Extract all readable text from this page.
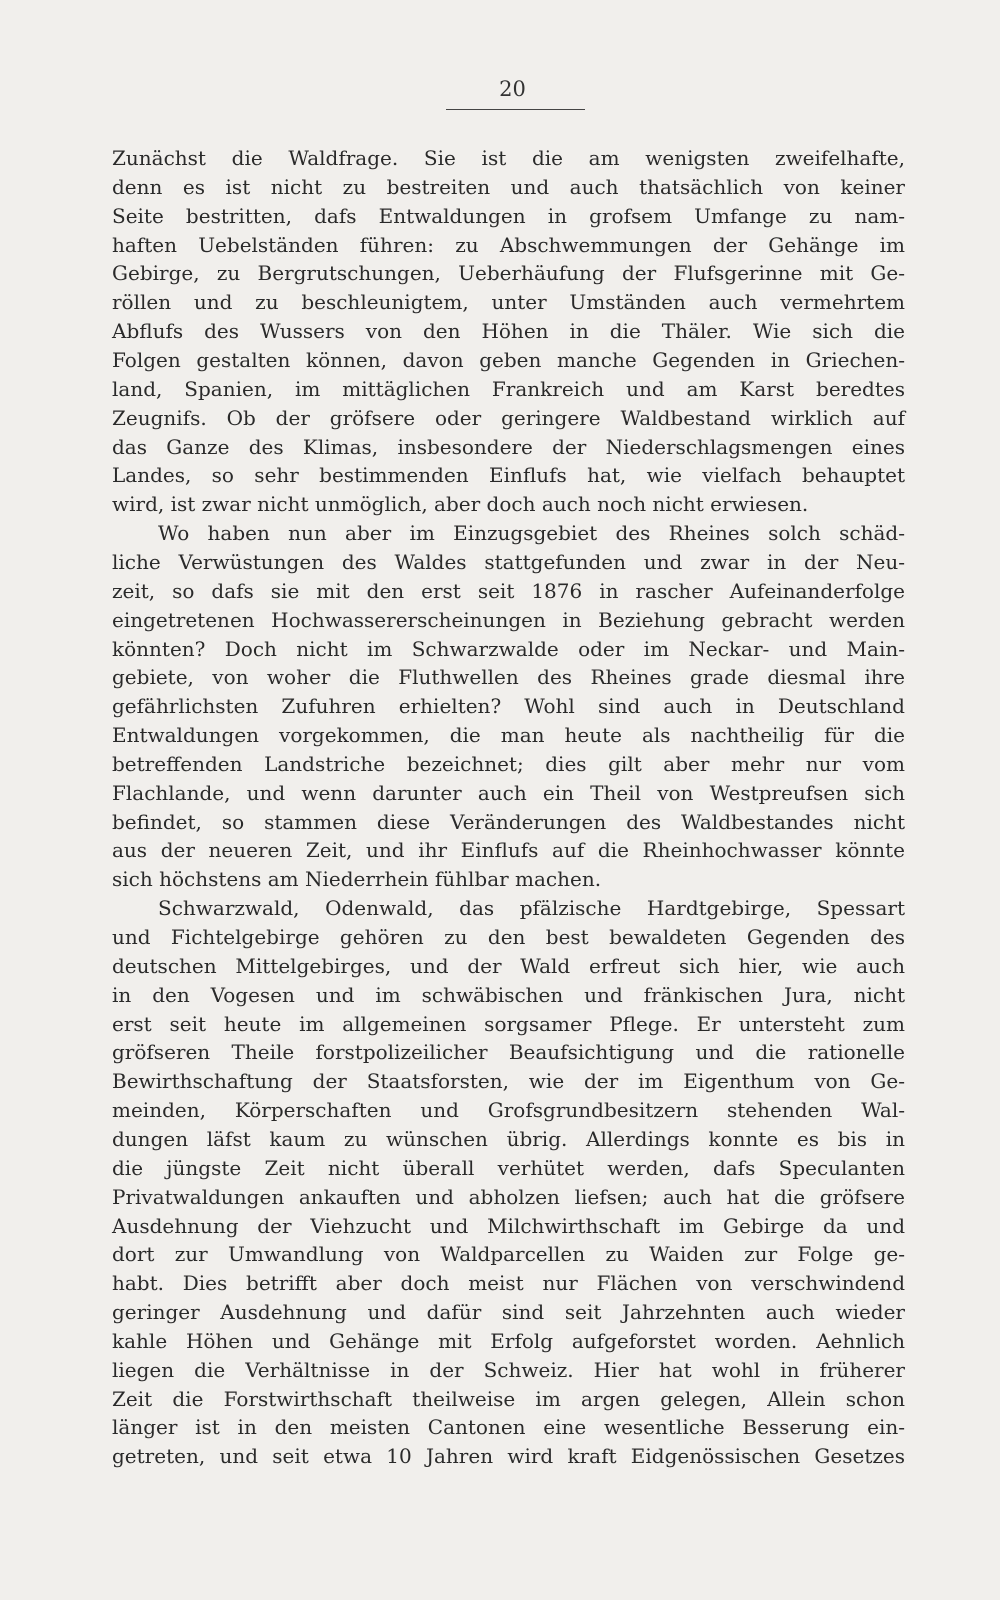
20
Zunächst die Waldfrage. Sie ist die am wenigsten zweifelhafte,
denn es ist nicht zu bestreiten und auch thatsächlich von keiner
Seite bestritten, dafs Entwaldungen in grofsem Umfange zu nam-
haften Uebelständen führen: zu Abschwemmungen der Gehänge im
Gebirge, zu Bergrutschungen, Ueberhäufung der Flufsgerinne mit Ge-
röllen und zu beschleunigtem, unter Umständen auch vermehrtem
Abflufs des Wussers von den Höhen in die Thäler. Wie sich die
Folgen gestalten können, davon geben manche Gegenden in Griechen-
land, Spanien, im mittäglichen Frankreich und am Karst beredtes
Zeugnifs. Ob der gröfsere oder geringere Waldbestand wirklich auf
das Ganze des Klimas, insbesondere der Niederschlagsmengen eines
Landes, so sehr bestimmenden Einflufs hat, wie vielfach behauptet
wird, ist zwar nicht unmöglich, aber doch auch noch nicht erwiesen.
Wo haben nun aber im Einzugsgebiet des Rheines solch schäd-
liche Verwüstungen des Waldes stattgefunden und zwar in der Neu-
zeit, so dafs sie mit den erst seit 1876 in rascher Aufeinanderfolge
eingetretenen Hochwassererscheinungen in Beziehung gebracht werden
könnten? Doch nicht im Schwarzwalde oder im Neckar- und Main-
gebiete, von woher die Fluthwellen des Rheines grade diesmal ihre
gefährlichsten Zufuhren erhielten? Wohl sind auch in Deutschland
Entwaldungen vorgekommen, die man heute als nachtheilig für die
betreffenden Landstriche bezeichnet; dies gilt aber mehr nur vom
Flachlande, und wenn darunter auch ein Theil von Westpreufsen sich
befindet, so stammen diese Veränderungen des Waldbestandes nicht
aus der neueren Zeit, und ihr Einflufs auf die Rheinhochwasser könnte
sich höchstens am Niederrhein fühlbar machen.
Schwarzwald, Odenwald, das pfälzische Hardtgebirge, Spessart
und Fichtelgebirge gehören zu den best bewaldeten Gegenden des
deutschen Mittelgebirges, und der Wald erfreut sich hier, wie auch
in den Vogesen und im schwäbischen und fränkischen Jura, nicht
erst seit heute im allgemeinen sorgsamer Pflege. Er untersteht zum
gröfseren Theile forstpolizeilicher Beaufsichtigung und die rationelle
Bewirthschaftung der Staatsforsten, wie der im Eigenthum von Ge-
meinden, Körperschaften und Grofsgrundbesitzern stehenden Wal-
dungen läfst kaum zu wünschen übrig. Allerdings konnte es bis in
die jüngste Zeit nicht überall verhütet werden, dafs Speculanten
Privatwaldungen ankauften und abholzen liefsen; auch hat die gröfsere
Ausdehnung der Viehzucht und Milchwirthschaft im Gebirge da und
dort zur Umwandlung von Waldparcellen zu Waiden zur Folge ge-
habt. Dies betrifft aber doch meist nur Flächen von verschwindend
geringer Ausdehnung und dafür sind seit Jahrzehnten auch wieder
kahle Höhen und Gehänge mit Erfolg aufgeforstet worden. Aehnlich
liegen die Verhältnisse in der Schweiz. Hier hat wohl in früherer
Zeit die Forstwirthschaft theilweise im argen gelegen, Allein schon
länger ist in den meisten Cantonen eine wesentliche Besserung ein-
getreten, und seit etwa 10 Jahren wird kraft Eidgenössischen Gesetzes
